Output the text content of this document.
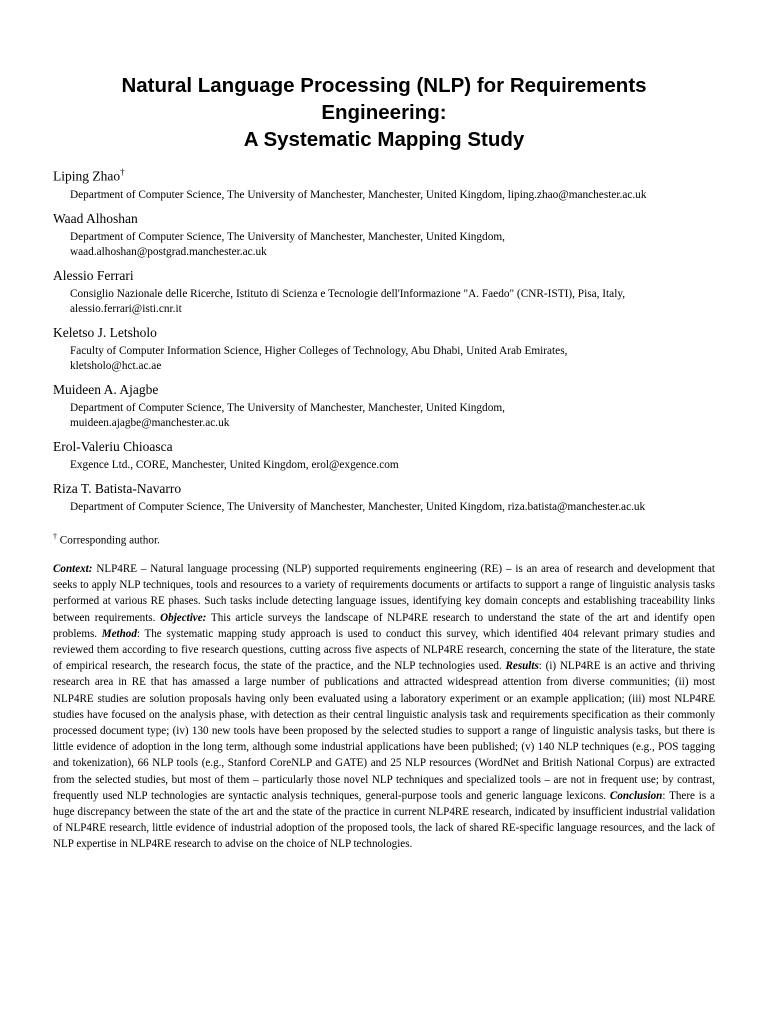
Natural Language Processing (NLP) for Requirements
Engineering:
A Systematic Mapping Study
Liping Zhao†
Department of Computer Science, The University of Manchester, Manchester, United Kingdom, liping.zhao@manchester.ac.uk
Waad Alhoshan
Department of Computer Science, The University of Manchester, Manchester, United Kingdom,
waad.alhoshan@postgrad.manchester.ac.uk
Alessio Ferrari
Consiglio Nazionale delle Ricerche, Istituto di Scienza e Tecnologie dell'Informazione "A. Faedo" (CNR-ISTI), Pisa, Italy,
alessio.ferrari@isti.cnr.it
Keletso J. Letsholo
Faculty of Computer Information Science, Higher Colleges of Technology, Abu Dhabi, United Arab Emirates,
kletsholo@hct.ac.ae
Muideen A. Ajagbe
Department of Computer Science, The University of Manchester, Manchester, United Kingdom,
muideen.ajagbe@manchester.ac.uk
Erol-Valeriu Chioasca
Exgence Ltd., CORE, Manchester, United Kingdom, erol@exgence.com
Riza T. Batista-Navarro
Department of Computer Science, The University of Manchester, Manchester, United Kingdom, riza.batista@manchester.ac.uk
† Corresponding author.

Context: NLP4RE – Natural language processing (NLP) supported requirements engineering (RE) – is an area of research and development that seeks to apply NLP techniques, tools and resources to a variety of requirements documents or artifacts to support a range of linguistic analysis tasks performed at various RE phases. Such tasks include detecting language issues, identifying key domain concepts and establishing traceability links between requirements. Objective: This article surveys the landscape of NLP4RE research to understand the state of the art and identify open problems. Method: The systematic mapping study approach is used to conduct this survey, which identified 404 relevant primary studies and reviewed them according to five research questions, cutting across five aspects of NLP4RE research, concerning the state of the literature, the state of empirical research, the research focus, the state of the practice, and the NLP technologies used. Results: (i) NLP4RE is an active and thriving research area in RE that has amassed a large number of publications and attracted widespread attention from diverse communities; (ii) most NLP4RE studies are solution proposals having only been evaluated using a laboratory experiment or an example application; (iii) most NLP4RE studies have focused on the analysis phase, with detection as their central linguistic analysis task and requirements specification as their commonly processed document type; (iv) 130 new tools have been proposed by the selected studies to support a range of linguistic analysis tasks, but there is little evidence of adoption in the long term, although some industrial applications have been published; (v) 140 NLP techniques (e.g., POS tagging and tokenization), 66 NLP tools (e.g., Stanford CoreNLP and GATE) and 25 NLP resources (WordNet and British National Corpus) are extracted from the selected studies, but most of them – particularly those novel NLP techniques and specialized tools – are not in frequent use; by contrast, frequently used NLP technologies are syntactic analysis techniques, general-purpose tools and generic language lexicons. Conclusion: There is a huge discrepancy between the state of the art and the state of the practice in current NLP4RE research, indicated by insufficient industrial validation of NLP4RE research, little evidence of industrial adoption of the proposed tools, the lack of shared RE-specific language resources, and the lack of NLP expertise in NLP4RE research to advise on the choice of NLP technologies.
